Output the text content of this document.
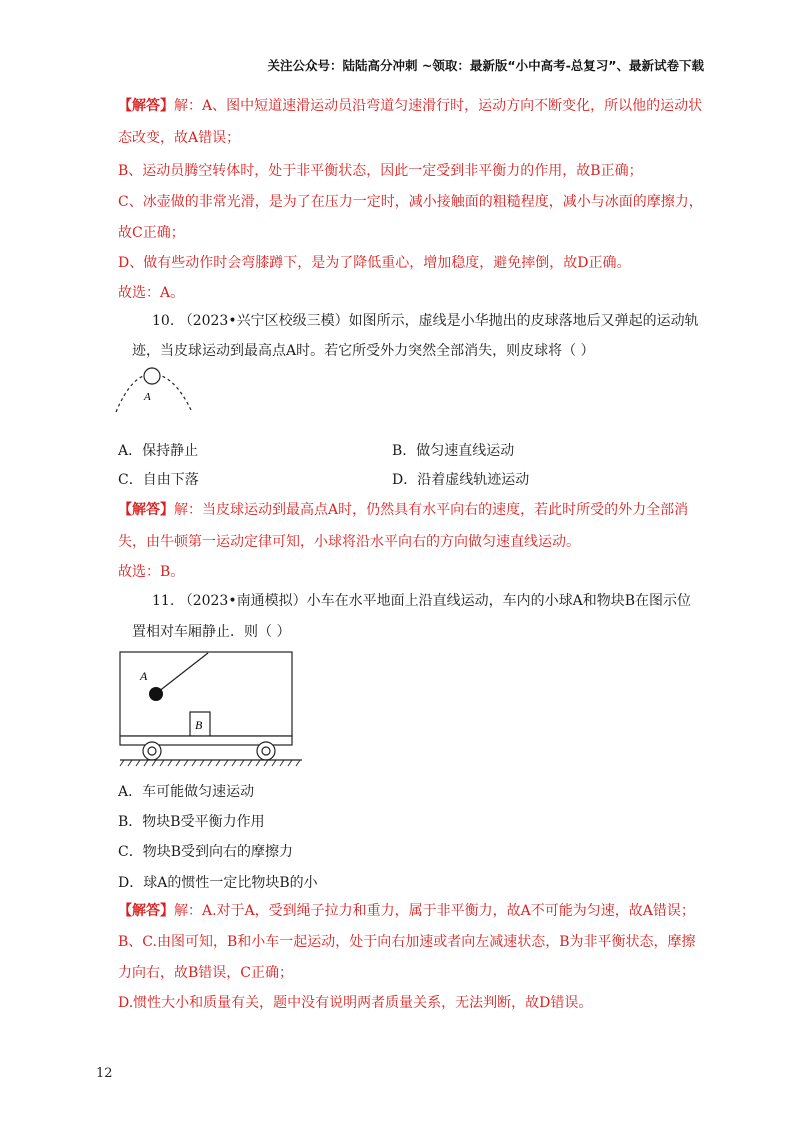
关注公众号：陆陆高分冲刺 ~领取：最新版“小中高考-总复习”、最新试卷下载
【解答】解：A、图中短道速滑运动员沿弯道匀速滑行时，运动方向不断变化，所以他的运动状
态改变，故A错误；
B、运动员腾空转体时，处于非平衡状态，因此一定受到非平衡力的作用，故B正确；
C、冰壶做的非常光滑，是为了在压力一定时，减小接触面的粗糙程度，减小与冰面的摩擦力，
故C正确；
D、做有些动作时会弯膝蹲下，是为了降低重心，增加稳度，避免摔倒，故D正确。
故选：A。
10. （2023•兴宁区校级三模）如图所示，虚线是小华抛出的皮球落地后又弹起的运动轨
迹，当皮球运动到最高点A时。若它所受外力突然全部消失，则皮球将（ ）
A
A．保持静止	B．做匀速直线运动
C．自由下落	D．沿着虚线轨迹运动
【解答】解：当皮球运动到最高点A时，仍然具有水平向右的速度，若此时所受的外力全部消
失，由牛顿第一运动定律可知，小球将沿水平向右的方向做匀速直线运动。
故选：B。
11. （2023•南通模拟）小车在水平地面上沿直线运动，车内的小球A和物块B在图示位
置相对车厢静止．则（ ）
A
B
A．车可能做匀速运动
B．物块B受平衡力作用
C．物块B受到向右的摩擦力
D．球A的惯性一定比物块B的小
【解答】解：A.对于A，受到绳子拉力和重力，属于非平衡力，故A不可能为匀速，故A错误；
B、C.由图可知，B和小车一起运动，处于向右加速或者向左减速状态，B为非平衡状态，摩擦
力向右，故B错误，C正确；
D.惯性大小和质量有关，题中没有说明两者质量关系，无法判断，故D错误。
12
